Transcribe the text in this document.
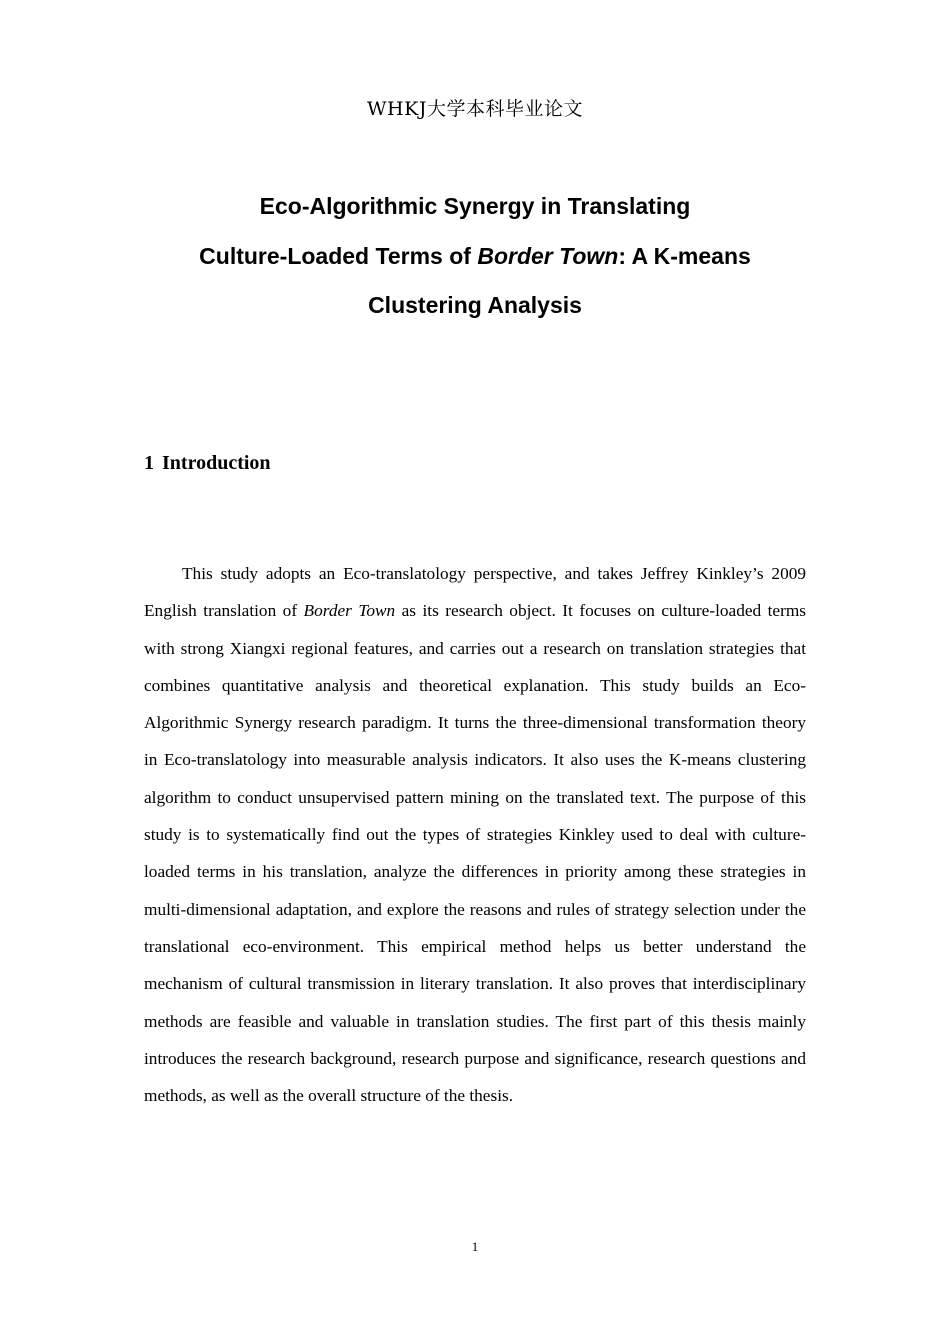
WHKJ大学本科毕业论文
Eco-Algorithmic Synergy in Translating
Culture-Loaded Terms of Border Town: A K-means
Clustering Analysis
1 Introduction

This study adopts an Eco-translatology perspective, and takes Jeffrey Kinkley’s 2009 English translation of Border Town as its research object. It focuses on culture-loaded terms with strong Xiangxi regional features, and carries out a research on translation strategies that combines quantitative analysis and theoretical explanation. This study builds an Eco-Algorithmic Synergy research paradigm. It turns the three-dimensional transformation theory in Eco-translatology into measurable analysis indicators. It also uses the K-means clustering algorithm to conduct unsupervised pattern mining on the translated text. The purpose of this study is to systematically find out the types of strategies Kinkley used to deal with culture-loaded terms in his translation, analyze the differences in priority among these strategies in multi-dimensional adaptation, and explore the reasons and rules of strategy selection under the translational eco-environment. This empirical method helps us better understand the mechanism of cultural transmission in literary translation. It also proves that interdisciplinary methods are feasible and valuable in translation studies. The first part of this thesis mainly introduces the research background, research purpose and significance, research questions and methods, as well as the overall structure of the thesis.

1
